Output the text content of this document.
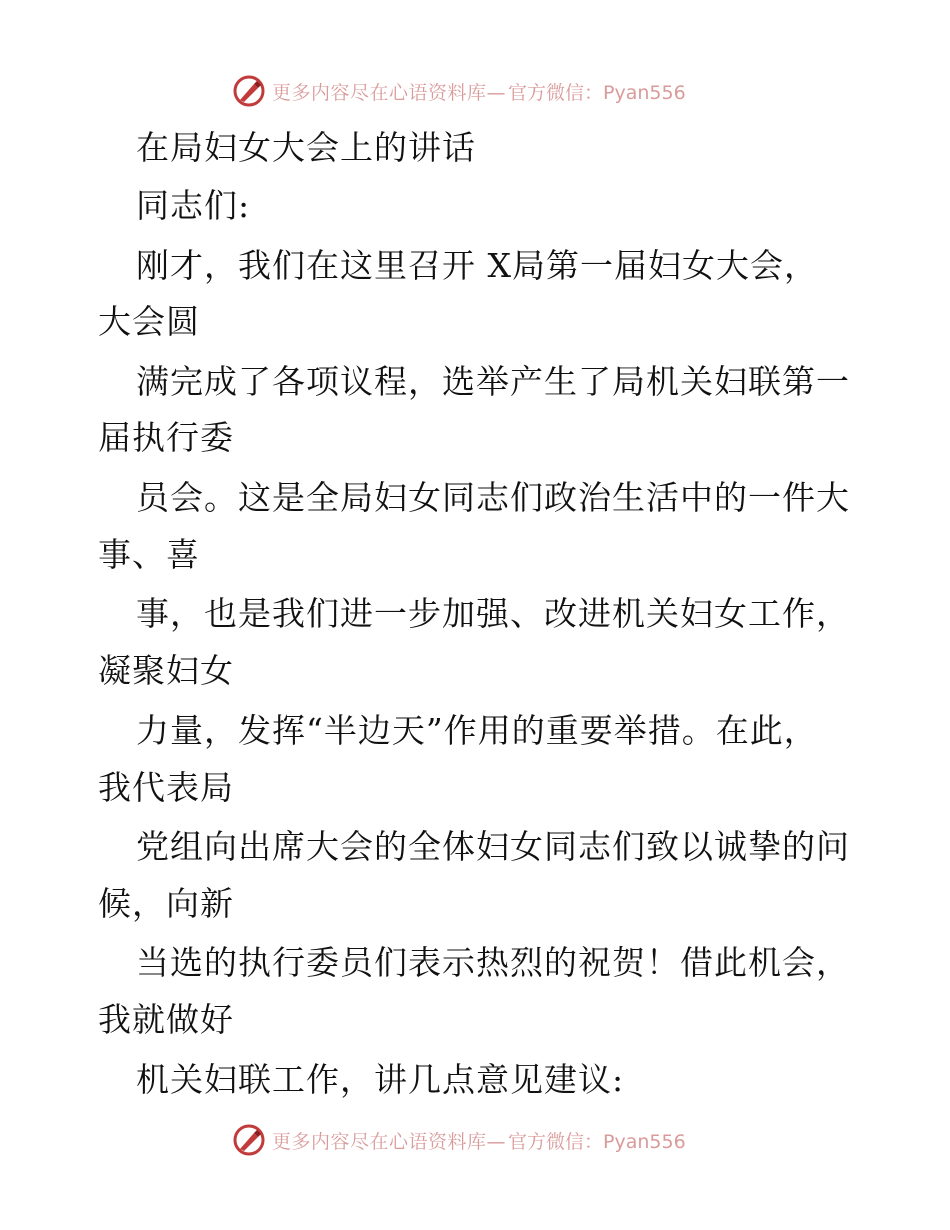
更多内容尽在心语资料库— 官方微信：Pyan556
在局妇女大会上的讲话
同志们:
刚才，我们在这里召开 X局第一届妇女大会，
大会圆
满完成了各项议程，选举产生了局机关妇联第一
届执行委
员会。这是全局妇女同志们政治生活中的一件大
事、喜
事，也是我们进一步加强、改进机关妇女工作，
凝聚妇女
力量，发挥“半边天”作用的重要举措。在此，
我代表局
党组向出席大会的全体妇女同志们致以诚挚的问
候，向新
当选的执行委员们表示热烈的祝贺！借此机会，
我就做好
机关妇联工作，讲几点意见建议:
更多内容尽在心语资料库— 官方微信：Pyan556
